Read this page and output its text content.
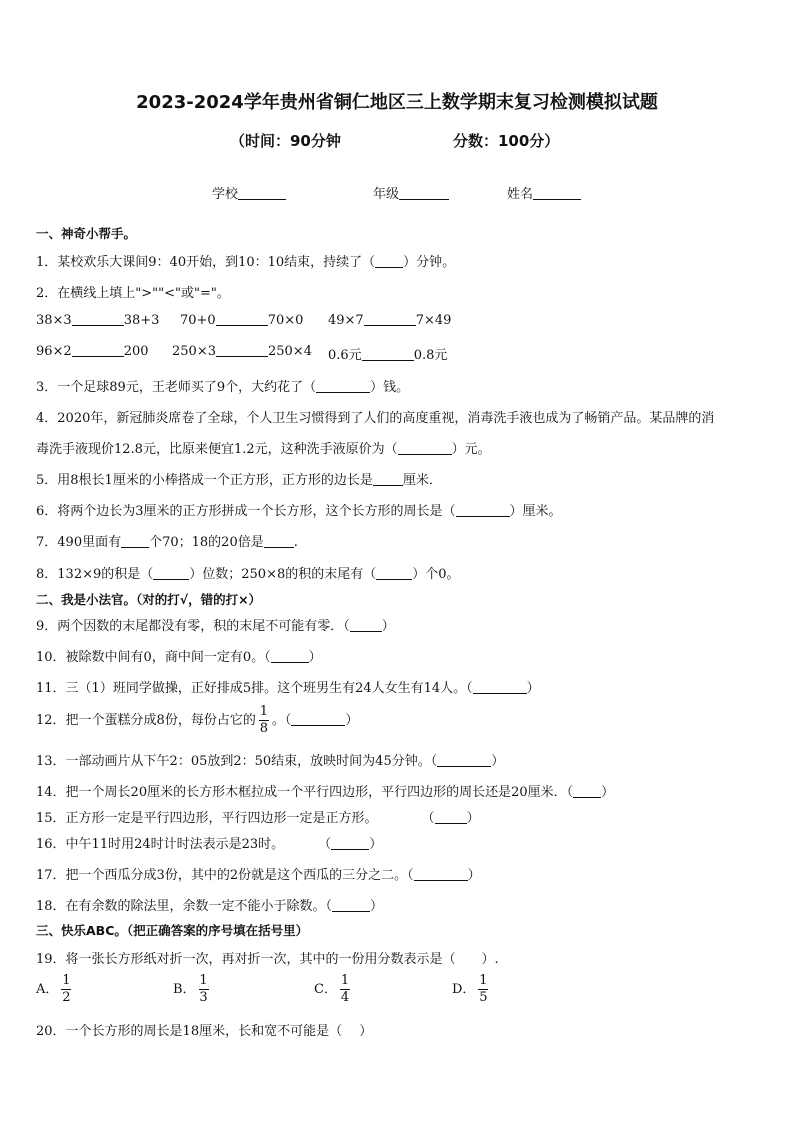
2023-2024学年贵州省铜仁地区三上数学期末复习检测模拟试题
（时间：90分钟	分数：100分）
学校	年级	姓名
一、神奇小帮手。
1．某校欢乐大课间9：40开始，到10：10结束，持续了（ ）分钟。
2．在横线上填上">""<"或"="。
38×3	38+3 70+0	70×0 49×7	7×49
96×2	200 250×3	250×4 0.6元	0.8元
3．一个足球89元，王老师买了9个，大约花了（	）钱。
4．2020年，新冠肺炎席卷了全球，个人卫生习惯得到了人们的高度重视，消毒洗手液也成为了畅销产品。某品牌的消
毒洗手液现价12.8元，比原来便宜1.2元，这种洗手液原价为（	）元。
5．用8根长1厘米的小棒搭成一个正方形，正方形的边长是 厘米．
6．将两个边长为3厘米的正方形拼成一个长方形，这个长方形的周长是（	）厘米。
7．490里面有 个70；18的20倍是 .
8．132×9的积是（	）位数；250×8的积的末尾有（	）个0。
二、我是小法官。（对的打√，错的打×）
9．两个因数的末尾都没有零，积的末尾不可能有零．（ ）
10．被除数中间有0，商中间一定有0。（	）
11．三（1）班同学做操，正好排成5排。这个班男生有24人女生有14人。（	）
12．把一个蛋糕分成8份，每份占它的 $\frac{1}{8}$ 。（	）
13．一部动画片从下午2：05放到2：50结束，放映时间为45分钟。（	）
14．把一个周长20厘米的长方形木框拉成一个平行四边形，平行四边形的周长还是20厘米．（ ）
15．正方形一定是平行四边形，平行四边形一定是正方形。	（ ）
16．中午11时用24时计时法表示是23时。	（	）
17．把一个西瓜分成3份，其中的2份就是这个西瓜的三分之二。（	）
18．在有余数的除法里，余数一定不能小于除数。（	）
三、快乐ABC。（把正确答案的序号填在括号里）
19．将一张长方形纸对折一次，再对折一次，其中的一份用分数表示是（　　）.
A． $\frac{1}{2}$	B． $\frac{1}{3}$	C． $\frac{1}{4}$	D． $\frac{1}{5}$
20．一个长方形的周长是18厘米，长和宽不可能是（　 ）
